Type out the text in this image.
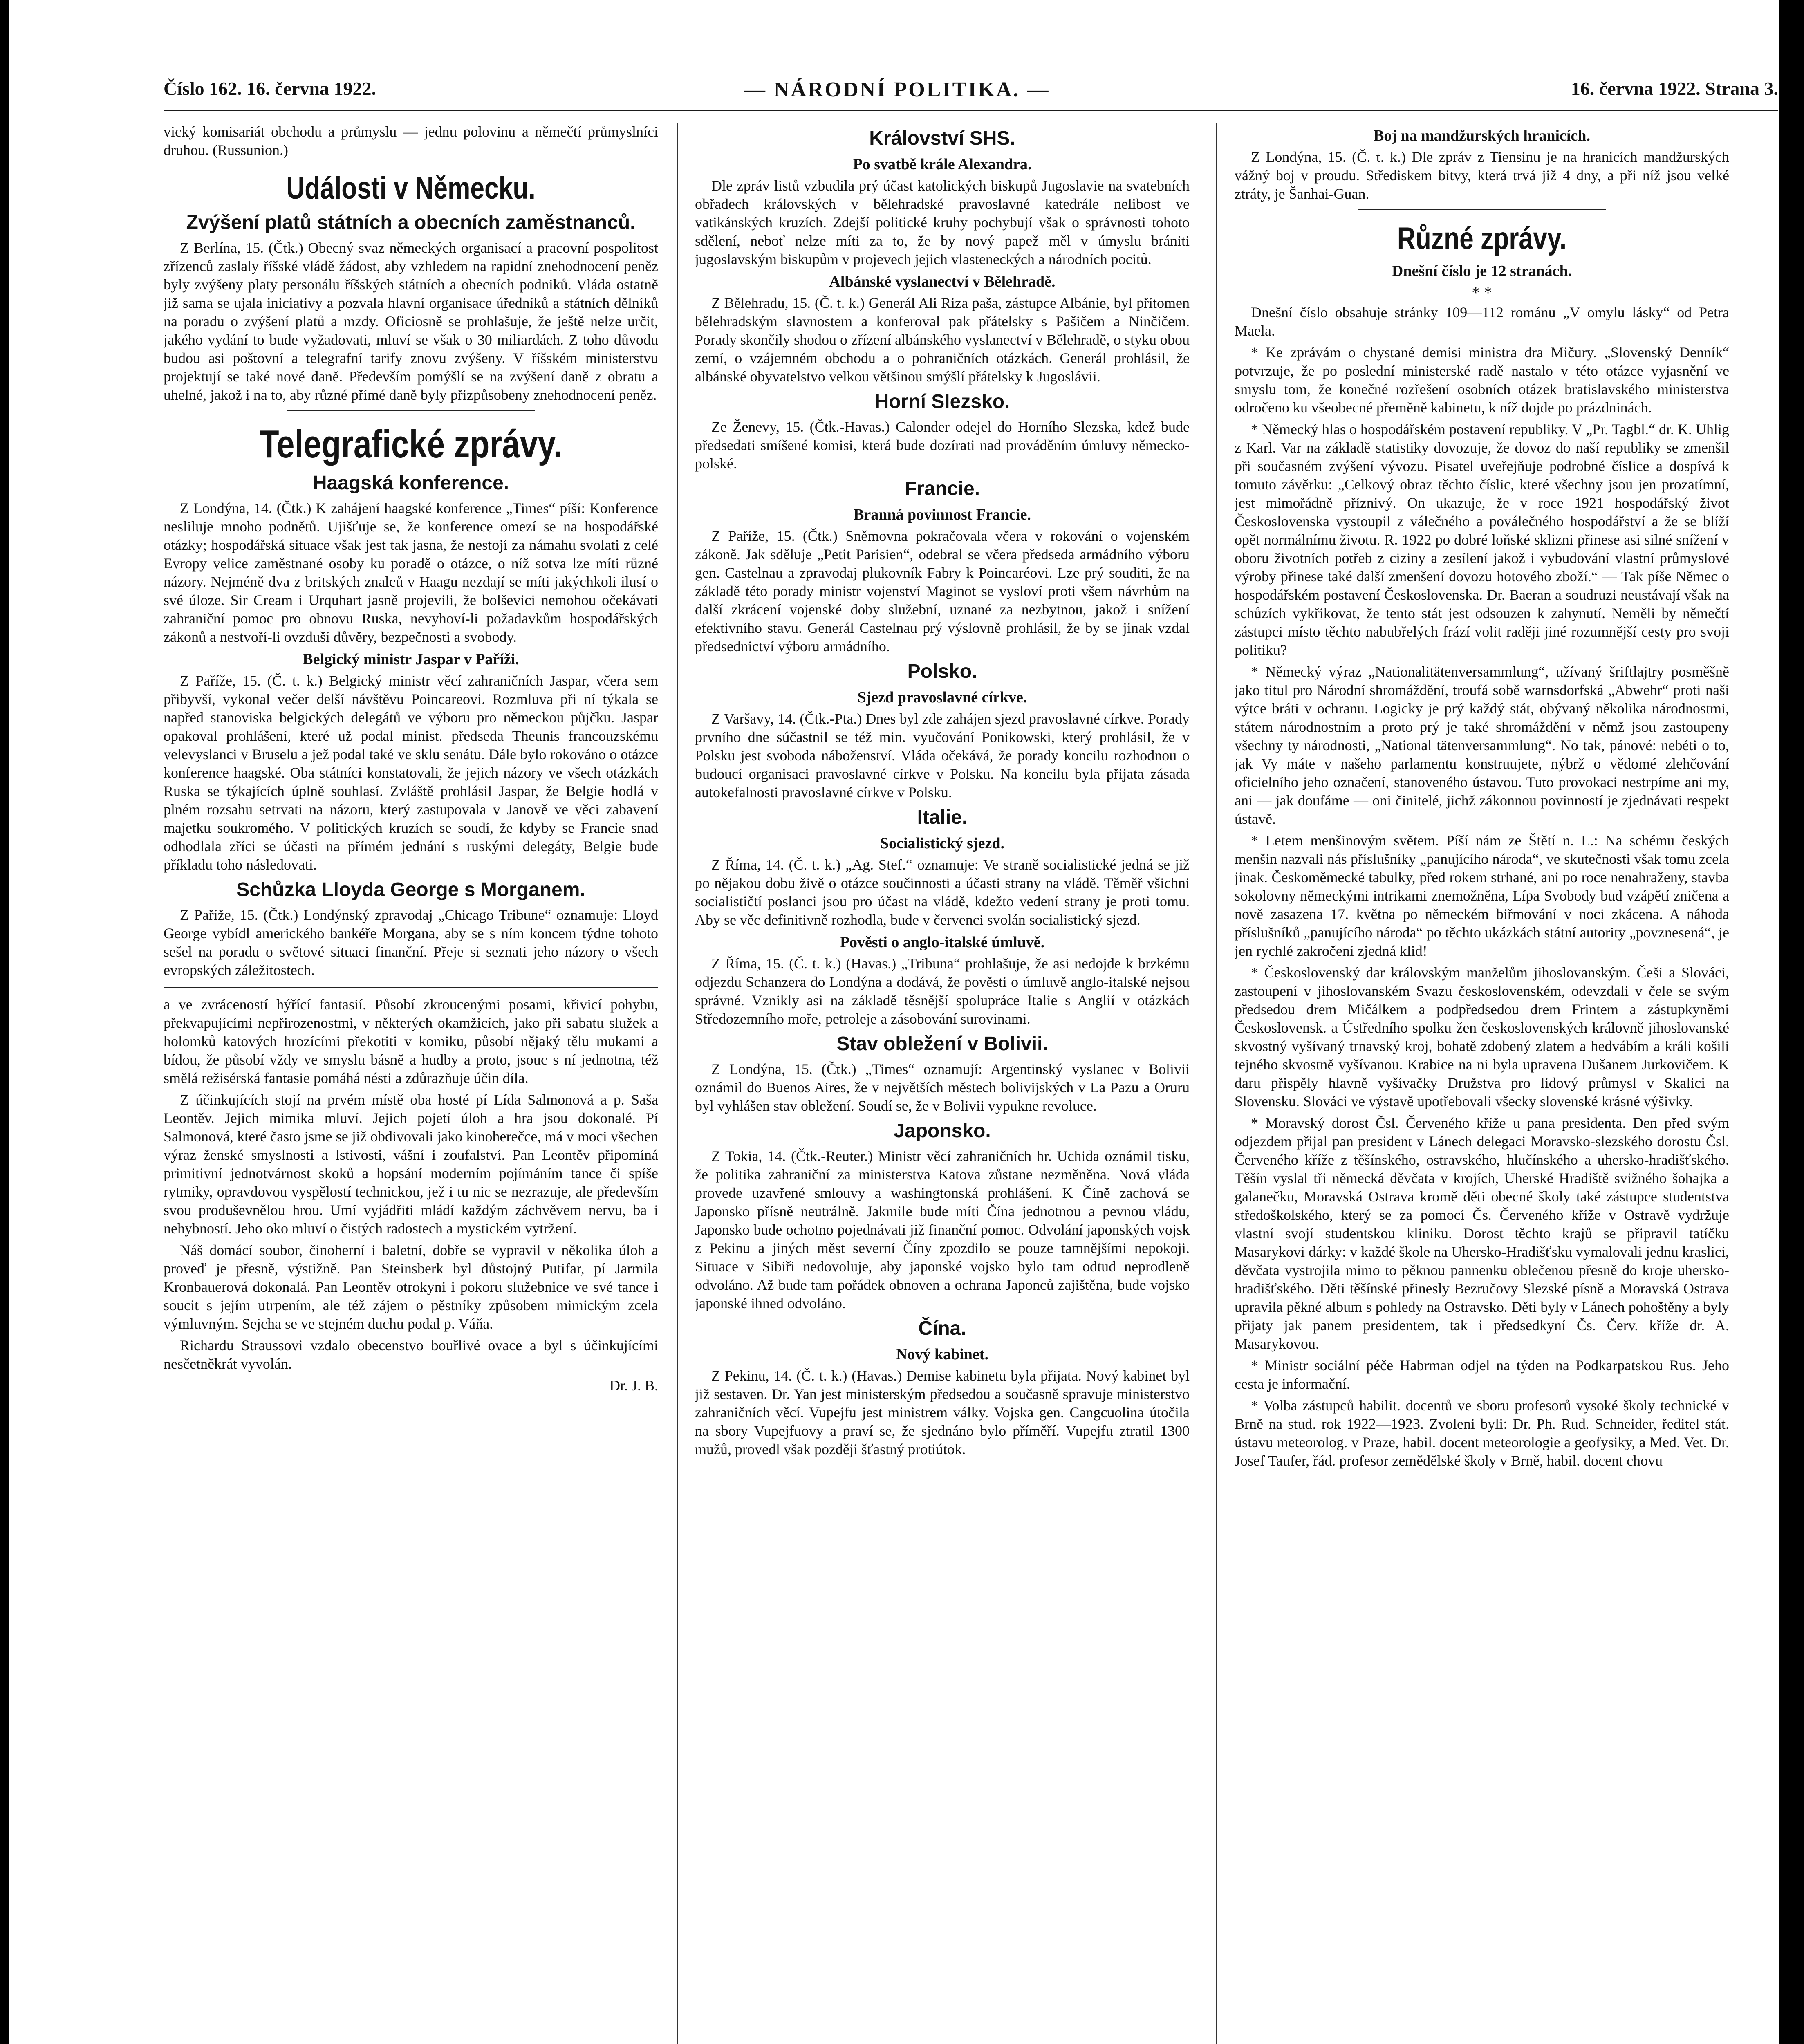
Číslo 162. 16. června 1922.	— NÁRODNÍ POLITIKA. —	16. června 1922. Strana 3.

vický komisariát obchodu a průmyslu — jednu polovinu a němečtí průmyslníci druhou. (Russunion.)

Události v Německu.
Zvýšení platů státních a obecních zaměstnanců.

Z Berlína, 15. (Čtk.) Obecný svaz německých organisací a pracovní pospolitost zřízenců zaslaly říšské vládě žádost, aby vzhledem na rapidní znehodnocení peněz byly zvýšeny platy personálu říšských státních a obecních podniků. Vláda ostatně již sama se ujala iniciativy a pozvala hlavní organisace úředníků a státních dělníků na poradu o zvýšení platů a mzdy. Oficiosně se prohlašuje, že ještě nelze určit, jakého vydání to bude vyžadovati, mluví se však o 30 miliardách. Z toho důvodu budou asi poštovní a telegrafní tarify znovu zvýšeny. V říšském ministerstvu projektují se také nové daně. Především pomýšlí se na zvýšení daně z obratu a uhelné, jakož i na to, aby různé přímé daně byly přizpůsobeny znehodnocení peněz.

Telegrafické zprávy.
Haagská konference.

Z Londýna, 14. (Čtk.) K zahájení haagské konference „Times“ píší: Konference nesliluje mnoho podnětů. Ujišťuje se, že konference omezí se na hospodářské otázky; hospodářská situace však jest tak jasna, že nestojí za námahu svolati z celé Evropy velice zaměstnané osoby ku poradě o otázce, o níž sotva lze míti různé názory. Nejméně dva z britských znalců v Haagu nezdají se míti jakýchkoli ilusí o své úloze. Sir Cream i Urquhart jasně projevili, že bolševici nemohou očekávati zahraniční pomoc pro obnovu Ruska, nevyhoví-li požadavkům hospodářských zákonů a nestvoří-li ovzduší důvěry, bezpečnosti a svobody.

Belgický ministr Jaspar v Paříži.

Z Paříže, 15. (Č. t. k.) Belgický ministr věcí zahraničních Jaspar, včera sem přibyvší, vykonal večer delší návštěvu Poincareovi. Rozmluva při ní týkala se napřed stanoviska belgických delegátů ve výboru pro německou půjčku. Jaspar opakoval prohlášení, které už podal minist. předseda Theunis francouzskému velevyslanci v Bruselu a jež podal také ve sklu senátu. Dále bylo rokováno o otázce konference haagské. Oba státníci konstatovali, že jejich názory ve všech otázkách Ruska se týkajících úplně souhlasí. Zvláště prohlásil Jaspar, že Belgie hodlá v plném rozsahu setrvati na názoru, který zastupovala v Janově ve věci zabavení majetku soukromého. V politických kruzích se soudí, že kdyby se Francie snad odhodlala zříci se účasti na přímém jednání s ruskými delegáty, Belgie bude příkladu toho následovati.

Schůzka Lloyda George s Morganem.

Z Paříže, 15. (Čtk.) Londýnský zpravodaj „Chicago Tribune“ oznamuje: Lloyd George vybídl amerického bankéře Morgana, aby se s ním koncem týdne tohoto sešel na poradu o světové situaci finanční. Přeje si seznati jeho názory o všech evropských záležitostech.

a ve zvráceností hýřící fantasií. Působí zkroucenými posami, křivicí pohybu, překvapujícími nepřirozenostmi, v některých okamžicích, jako při sabatu služek a holomků katových hrozícími překotiti v komiku, působí nějaký tělu mukami a bídou, že působí vždy ve smyslu básně a hudby a proto, jsouc s ní jednotna, též smělá režisérská fantasie pomáhá nésti a zdůrazňuje účin díla.

Z účinkujících stojí na prvém místě oba hosté pí Lída Salmonová a p. Saša Leontěv. Jejich mimika mluví. Jejich pojetí úloh a hra jsou dokonalé. Pí Salmonová, které často jsme se již obdivovali jako kinoherečce, má v moci všechen výraz ženské smyslnosti a lstivosti, vášní i zoufalství. Pan Leontěv připomíná primitivní jednotvárnost skoků a hopsání moderním pojímáním tance či spíše rytmiky, opravdovou vyspělostí technickou, jež i tu nic se nezrazuje, ale především svou produševnělou hrou. Umí vyjádřiti mládí každým záchvěvem nervu, ba i nehybností. Jeho oko mluví o čistých radostech a mystickém vytržení.

Náš domácí soubor, činoherní i baletní, dobře se vypravil v několika úloh a proveď je přesně, výstižně. Pan Steinsberk byl důstojný Putifar, pí Jarmila Kronbauerová dokonalá. Pan Leontěv otrokyni i pokoru služebnice ve své tance i soucit s jejím utrpením, ale též zájem o pěstníky způsobem mimickým zcela výmluvným. Sejcha se ve stejném duchu podal p. Váňa.

Richardu Straussovi vzdalo obecenstvo bouřlivé ovace a byl s účinkujícími nesčetněkrát vyvolán.

Dr. J. B.
Království SHS.
Po svatbě krále Alexandra.

Dle zpráv listů vzbudila prý účast katolických biskupů Jugoslavie na svatebních obřadech královských v bělehradské pravoslavné katedrále nelibost ve vatikánských kruzích. Zdejší politické kruhy pochybují však o správnosti tohoto sdělení, neboť nelze míti za to, že by nový papež měl v úmyslu brániti jugoslavským biskupům v projevech jejich vlasteneckých a národních pocitů.

Albánské vyslanectví v Bělehradě.

Z Bělehradu, 15. (Č. t. k.) Generál Ali Riza paša, zástupce Albánie, byl přítomen bělehradským slavnostem a konferoval pak přátelsky s Pašičem a Ninčičem. Porady skončily shodou o zřízení albánského vyslanectví v Bělehradě, o styku obou zemí, o vzájemném obchodu a o pohraničních otázkách. Generál prohlásil, že albánské obyvatelstvo velkou většinou smýšlí přátelsky k Jugoslávii.

Horní Slezsko.

Ze Ženevy, 15. (Čtk.-Havas.) Calonder odejel do Horního Slezska, kdež bude předsedati smíšené komisi, která bude dozírati nad prováděním úmluvy německo-polské.

Francie.
Branná povinnost Francie.

Z Paříže, 15. (Čtk.) Sněmovna pokračovala včera v rokování o vojenském zákoně. Jak sděluje „Petit Parisien“, odebral se včera předseda armádního výboru gen. Castelnau a zpravodaj plukovník Fabry k Poincaréovi. Lze prý souditi, že na základě této porady ministr vojenství Maginot se vysloví proti všem návrhům na další zkrácení vojenské doby služební, uznané za nezbytnou, jakož i snížení efektivního stavu. Generál Castelnau prý výslovně prohlásil, že by se jinak vzdal předsednictví výboru armádního.

Polsko.
Sjezd pravoslavné církve.

Z Varšavy, 14. (Čtk.-Pta.) Dnes byl zde zahájen sjezd pravoslavné církve. Porady prvního dne súčastnil se též min. vyučování Ponikowski, který prohlásil, že v Polsku jest svoboda náboženství. Vláda očekává, že porady koncilu rozhodnou o budoucí organisaci pravoslavné církve v Polsku. Na koncilu byla přijata zásada autokefalnosti pravoslavné církve v Polsku.

Italie.
Socialistický sjezd.

Z Říma, 14. (Č. t. k.) „Ag. Stef.“ oznamuje: Ve straně socialistické jedná se již po nějakou dobu živě o otázce součinnosti a účasti strany na vládě. Těměř všichni socialističtí poslanci jsou pro účast na vládě, kdežto vedení strany je proti tomu. Aby se věc definitivně rozhodla, bude v červenci svolán socialistický sjezd.

Pověsti o anglo-italské úmluvě.

Z Říma, 15. (Č. t. k.) (Havas.) „Tribuna“ prohlašuje, že asi nedojde k brzkému odjezdu Schanzera do Londýna a dodává, že pověsti o úmluvě anglo-italské nejsou správné. Vznikly asi na základě těsnější spolupráce Italie s Anglií v otázkách Středozemního moře, petroleje a zásobování surovinami.

Stav obležení v Bolivii.

Z Londýna, 15. (Čtk.) „Times“ oznamují: Argentinský vyslanec v Bolivii oznámil do Buenos Aires, že v největších městech bolivijských v La Pazu a Oruru byl vyhlášen stav obležení. Soudí se, že v Bolivii vypukne revoluce.

Japonsko.

Z Tokia, 14. (Čtk.-Reuter.) Ministr věcí zahraničních hr. Uchida oznámil tisku, že politika zahraniční za ministerstva Katova zůstane nezměněna. Nová vláda provede uzavřené smlouvy a washingtonská prohlášení. K Číně zachová se Japonsko přísně neutrálně. Jakmile bude míti Čína jednotnou a pevnou vládu, Japonsko bude ochotno pojednávati již finanční pomoc. Odvolání japonských vojsk z Pekinu a jiných měst severní Číny zpozdilo se pouze tamnějšími nepokoji. Situace v Sibiři nedovoluje, aby japonské vojsko bylo tam odtud neprodleně odvoláno. Až bude tam pořádek obnoven a ochrana Japonců zajištěna, bude vojsko japonské ihned odvoláno.

Čína.
Nový kabinet.

Z Pekinu, 14. (Č. t. k.) (Havas.) Demise kabinetu byla přijata. Nový kabinet byl již sestaven. Dr. Yan jest ministerským předsedou a současně spravuje ministerstvo zahraničních věcí. Vupejfu jest ministrem války. Vojska gen. Cangcuolina útočila na sbory Vupejfuovy a praví se, že sjednáno bylo příměří. Vupejfu ztratil 1300 mužů, provedl však později šťastný protiútok.

Boj na mandžurských hranicích.

Z Londýna, 15. (Č. t. k.) Dle zpráv z Tiensinu je na hranicích mandžurských vážný boj v proudu. Střediskem bitvy, která trvá již 4 dny, a při níž jsou velké ztráty, je Šanhai-Guan.

Různé zprávy.
Dnešní číslo je 12 stranách.
* *

Dnešní číslo obsahuje stránky 109—112 románu „V omylu lásky“ od Petra Maela.

* Ke zprávám o chystané demisi ministra dra Mičury. „Slovenský Denník“ potvrzuje, že po poslední ministerské radě nastalo v této otázce vyjasnění ve smyslu tom, že konečné rozřešení osobních otázek bratislavského ministerstva odročeno ku všeobecné přeměně kabinetu, k níž dojde po prázdninách.

* Německý hlas o hospodářském postavení republiky. V „Pr. Tagbl.“ dr. K. Uhlig z Karl. Var na základě statistiky dovozuje, že dovoz do naší republiky se zmenšil při současném zvýšení vývozu. Pisatel uveřejňuje podrobné číslice a dospívá k tomuto závěrku: „Celkový obraz těchto číslic, které všechny jsou jen prozatímní, jest mimořádně příznivý. On ukazuje, že v roce 1921 hospodářský život Československa vystoupil z válečného a poválečného hospodářství a že se blíží opět normálnímu životu. R. 1922 po dobré loňské sklizni přinese asi silné snížení v oboru životních potřeb z ciziny a zesílení jakož i vybudování vlastní průmyslové výroby přinese také další zmenšení dovozu hotového zboží.“ — Tak píše Němec o hospodářském postavení Československa. Dr. Baeran a soudruzi neustávají však na schůzích vykřikovat, že tento stát jest odsouzen k zahynutí. Neměli by němečtí zástupci místo těchto nabubřelých frází volit raději jiné rozumnější cesty pro svoji politiku?

* Německý výraz „Nationalitätenversammlung“, užívaný šriftlajtry posměšně jako titul pro Národní shromáždění, troufá sobě warnsdorfská „Abwehr“ proti naši výtce bráti v ochranu. Logicky je prý každý stát, obývaný několika národnostmi, státem národnostním a proto prý je také shromáždění v němž jsou zastoupeny všechny ty národnosti, „National tätenversammlung“. No tak, pánové: nebéti o to, jak Vy máte v našeho parlamentu konstruujete, nýbrž o vědomé zlehčování oficielního jeho označení, stanoveného ústavou. Tuto provokaci nestrpíme ani my, ani — jak doufáme — oni činitelé, jichž zákonnou povinností je zjednávati respekt ústavě.

* Letem menšinovým světem. Píší nám ze Štětí n. L.: Na schému českých menšin nazvali nás příslušníky „panujícího národa“, ve skutečnosti však tomu zcela jinak. Českoměmecké tabulky, před rokem strhané, ani po roce nenahraženy, stavba sokolovny německými intrikami znemožněna, Lípa Svobody bud vzápětí zničena a nově zasazena 17. května po německém biřmování v noci zkácena. A náhoda příslušníků „panujícího národa“ po těchto ukázkách státní autority „povznesená“, je jen rychlé zakročení zjedná klid!

* Československý dar královským manželům jihoslovanským. Češi a Slováci, zastoupení v jihoslovanském Svazu československém, odevzdali v čele se svým předsedou drem Mičálkem a podpředsedou drem Frintem a zástupkyněmi Československ. a Ústředního spolku žen československých královně jihoslovanské skvostný vyšívaný trnavský kroj, bohatě zdobený zlatem a hedvábím a králi košili tejného skvostně vyšívanou. Krabice na ni byla upravena Dušanem Jurkovičem. K daru přispěly hlavně vyšívačky Družstva pro lidový průmysl v Skalici na Slovensku. Slováci ve výstavě upotřebovali všecky slovenské krásné výšivky.

* Moravský dorost Čsl. Červeného kříže u pana presidenta. Den před svým odjezdem přijal pan president v Lánech delegaci Moravsko-slezského dorostu Čsl. Červeného kříže z těšínského, ostravského, hlučínského a uhersko-hradišťského. Těšín vyslal tři německá děvčata v krojích, Uherské Hradiště svižného šohajka a galanečku, Moravská Ostrava kromě děti obecné školy také zástupce studentstva středoškolského, který se za pomocí Čs. Červeného kříže v Ostravě vydržuje vlastní svojí studentskou kliniku. Dorost těchto krajů se připravil tatíčku Masarykovi dárky: v každé škole na Uhersko-Hradišťsku vymalovali jednu kraslici, děvčata vystrojila mimo to pěknou pannenku oblečenou přesně do kroje uhersko-hradišťského. Děti těšínské přinesly Bezručovy Slezské písně a Moravská Ostrava upravila pěkné album s pohledy na Ostravsko. Děti byly v Lánech pohoštěny a byly přijaty jak panem presidentem, tak i předsedkyní Čs. Červ. kříže dr. A. Masarykovou.

* Ministr sociální péče Habrman odjel na týden na Podkarpatskou Rus. Jeho cesta je informační.

* Volba zástupců habilit. docentů ve sboru profesorů vysoké školy technické v Brně na stud. rok 1922—1923. Zvoleni byli: Dr. Ph. Rud. Schneider, ředitel stát. ústavu meteorolog. v Praze, habil. docent meteorologie a geofysiky, a Med. Vet. Dr. Josef Taufer, řád. profesor zemědělské školy v Brně, habil. docent chovu
